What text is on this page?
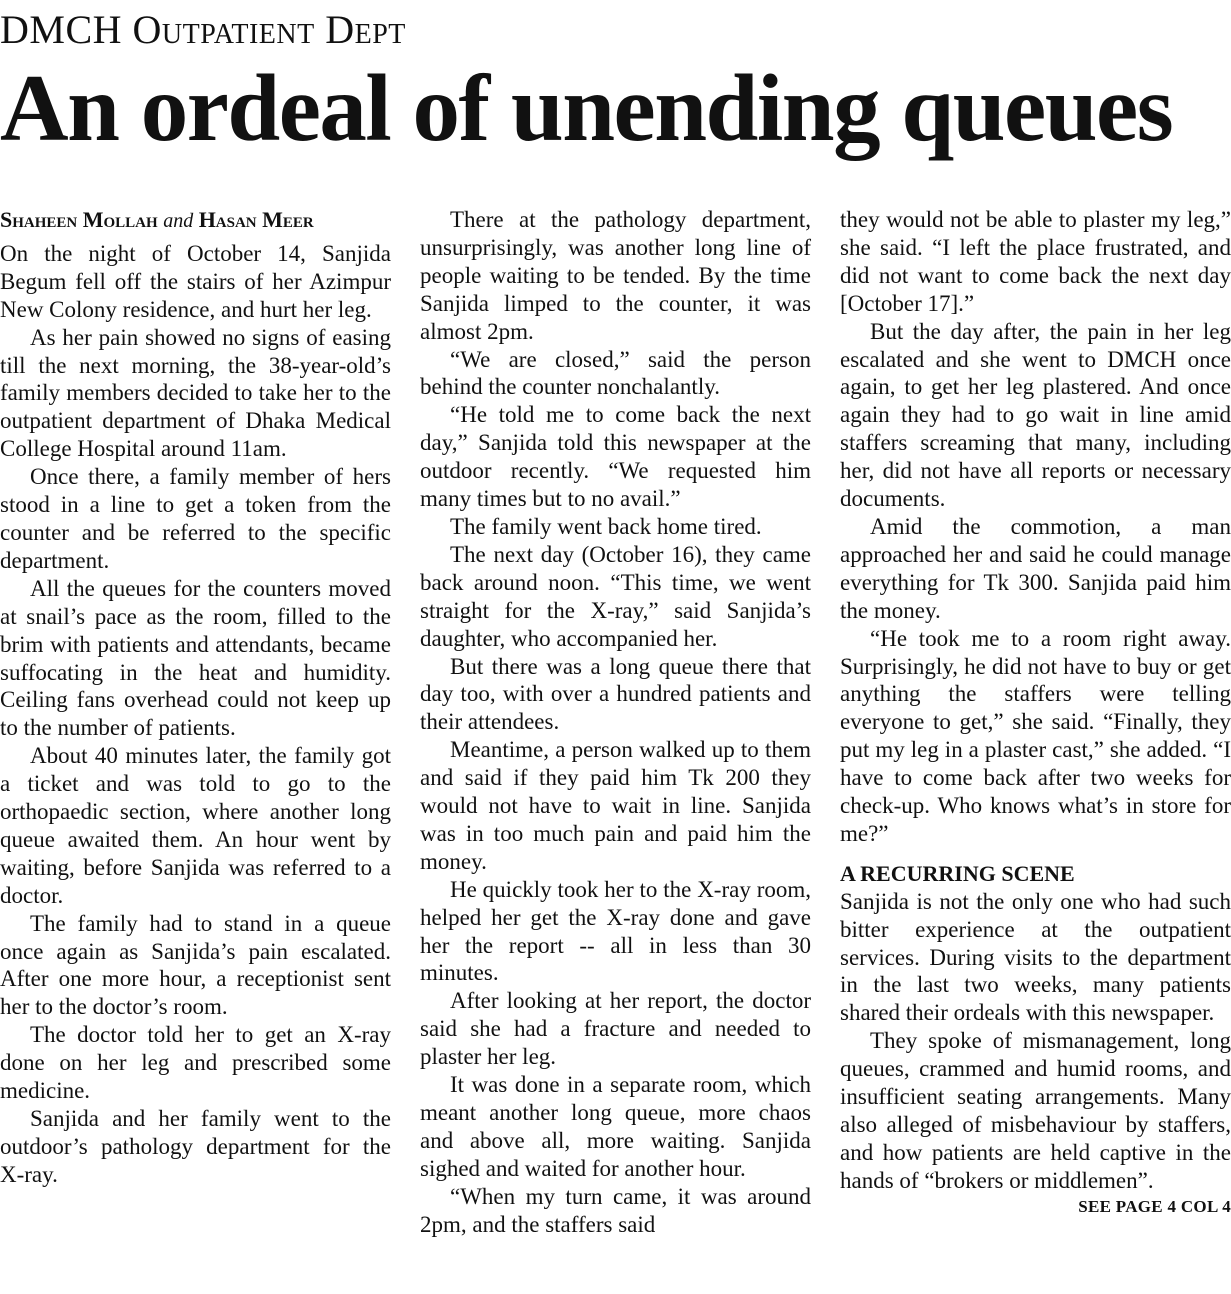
DMCH Outpatient Dept
An ordeal of unending queues
Shaheen Mollah and Hasan Meer

On the night of October 14, Sanjida Begum fell off the stairs of her Azimpur New Colony residence, and hurt her leg.

As her pain showed no signs of easing till the next morning, the 38-year-old’s family members decided to take her to the outpatient department of Dhaka Medical College Hospital around 11am.

Once there, a family member of hers stood in a line to get a token from the counter and be referred to the specific department.

All the queues for the counters moved at snail’s pace as the room, filled to the brim with patients and attendants, became suffocating in the heat and humidity. Ceiling fans overhead could not keep up to the number of patients.

About 40 minutes later, the family got a ticket and was told to go to the orthopaedic section, where another long queue awaited them. An hour went by waiting, before Sanjida was referred to a doctor.

The family had to stand in a queue once again as Sanjida’s pain escalated. After one more hour, a receptionist sent her to the doctor’s room.

The doctor told her to get an X-ray done on her leg and prescribed some medicine.

Sanjida and her family went to the outdoor’s pathology department for the X-ray.

There at the pathology department, unsurprisingly, was another long line of people waiting to be tended. By the time Sanjida limped to the counter, it was almost 2pm.

“We are closed,” said the person behind the counter nonchalantly.

“He told me to come back the next day,” Sanjida told this newspaper at the outdoor recently. “We requested him many times but to no avail.”

The family went back home tired.

The next day (October 16), they came back around noon. “This time, we went straight for the X-ray,” said Sanjida’s daughter, who accompanied her.

But there was a long queue there that day too, with over a hundred patients and their attendees.

Meantime, a person walked up to them and said if they paid him Tk 200 they would not have to wait in line. Sanjida was in too much pain and paid him the money.

He quickly took her to the X-ray room, helped her get the X-ray done and gave her the report -- all in less than 30 minutes.

After looking at her report, the doctor said she had a fracture and needed to plaster her leg.

It was done in a separate room, which meant another long queue, more chaos and above all, more waiting. Sanjida sighed and waited for another hour.

“When my turn came, it was around 2pm, and the staffers said

they would not be able to plaster my leg,” she said. “I left the place frustrated, and did not want to come back the next day [October 17].”

But the day after, the pain in her leg escalated and she went to DMCH once again, to get her leg plastered. And once again they had to go wait in line amid staffers screaming that many, including her, did not have all reports or necessary documents.

Amid the commotion, a man approached her and said he could manage everything for Tk 300. Sanjida paid him the money.

“He took me to a room right away. Surprisingly, he did not have to buy or get anything the staffers were telling everyone to get,” she said. “Finally, they put my leg in a plaster cast,” she added. “I have to come back after two weeks for check-up. Who knows what’s in store for me?”

A RECURRING SCENE

Sanjida is not the only one who had such bitter experience at the outpatient services. During visits to the department in the last two weeks, many patients shared their ordeals with this newspaper.

They spoke of mismanagement, long queues, crammed and humid rooms, and insufficient seating arrangements. Many also alleged of misbehaviour by staffers, and how patients are held captive in the hands of “brokers or middlemen”.

SEE PAGE 4 COL 4
